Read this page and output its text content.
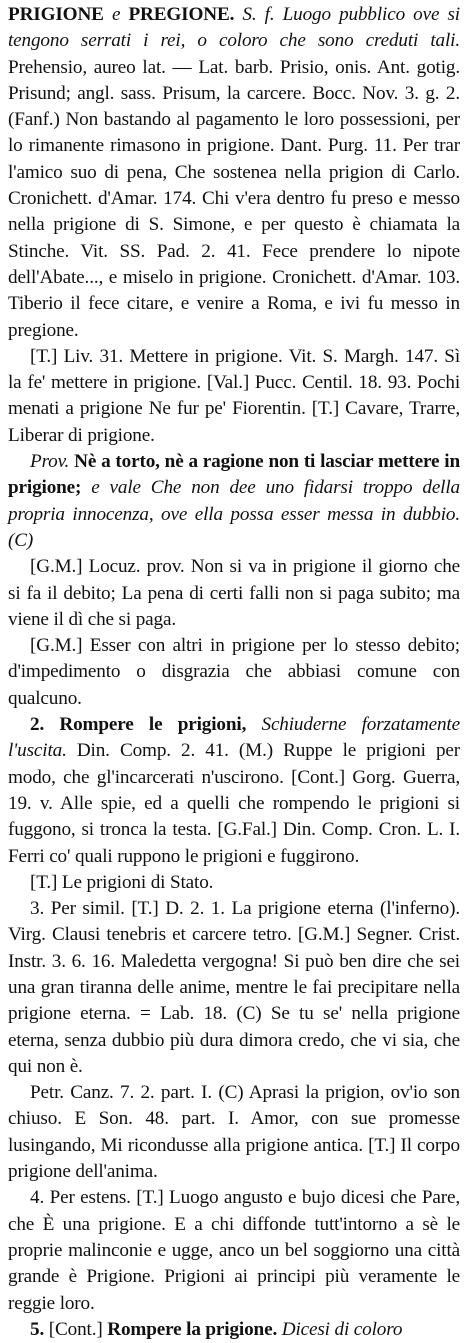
PRIGIONE e PREGIONE. S. f. Luogo pubblico ove si tengono serrati i rei, o coloro che sono creduti tali. Prehensio, aureo lat. — Lat. barb. Prisio, onis. Ant. gotig. Prisund; angl. sass. Prisum, la carcere. Bocc. Nov. 3. g. 2. (Fanf.) Non bastando al pagamento le loro possessioni, per lo rimanente rimasono in prigione. Dant. Purg. 11. Per trar l'amico suo di pena, Che sostenea nella prigion di Carlo. Cronichett. d'Amar. 174. Chi v'era dentro fu preso e messo nella prigione di S. Simone, e per questo è chiamata la Stinche. Vit. SS. Pad. 2. 41. Fece prendere lo nipote dell'Abate..., e miselo in prigione. Cronichett. d'Amar. 103. Tiberio il fece citare, e venire a Roma, e ivi fu messo in pregione.

[T.] Liv. 31. Mettere in prigione. Vit. S. Margh. 147. Sì la fe' mettere in prigione. [Val.] Pucc. Centil. 18. 93. Pochi menati a prigione Ne fur pe' Fiorentin. [T.] Cavare, Trarre, Liberar di prigione.

Prov. Nè a torto, nè a ragione non ti lasciar mettere in prigione; e vale Che non dee uno fidarsi troppo della propria innocenza, ove ella possa esser messa in dubbio. (C)

[G.M.] Locuz. prov. Non si va in prigione il giorno che si fa il debito; La pena di certi falli non si paga subito; ma viene il dì che si paga.

[G.M.] Esser con altri in prigione per lo stesso debito; d'impedimento o disgrazia che abbiasi comune con qualcuno.

2. Rompere le prigioni, Schiuderne forzatamente l'uscita. Din. Comp. 2. 41. (M.) Ruppe le prigioni per modo, che gl'incarcerati n'uscirono. [Cont.] Gorg. Guerra, 19. v. Alle spie, ed a quelli che rompendo le prigioni si fuggono, si tronca la testa. [G.Fal.] Din. Comp. Cron. L. I. Ferri co' quali ruppono le prigioni e fuggirono.

[T.] Le prigioni di Stato.

3. Per simil. [T.] D. 2. 1. La prigione eterna (l'inferno). Virg. Clausi tenebris et carcere tetro. [G.M.] Segner. Crist. Instr. 3. 6. 16. Maledetta vergogna! Si può ben dire che sei una gran tiranna delle anime, mentre le fai precipitare nella prigione eterna. = Lab. 18. (C) Se tu se' nella prigione eterna, senza dubbio più dura dimora credo, che vi sia, che qui non è.

Petr. Canz. 7. 2. part. I. (C) Aprasi la prigion, ov'io son chiuso. E Son. 48. part. I. Amor, con sue promesse lusingando, Mi ricondusse alla prigione antica. [T.] Il corpo prigione dell'anima.

4. Per estens. [T.] Luogo angusto e bujo dicesi che Pare, che È una prigione. E a chi diffonde tutt'intorno a sè le proprie malinconie e ugge, anco un bel soggiorno una città grande è Prigione. Prigioni ai principi più veramente le reggie loro.

5. [Cont.] Rompere la prigione. Dicesi di coloro
